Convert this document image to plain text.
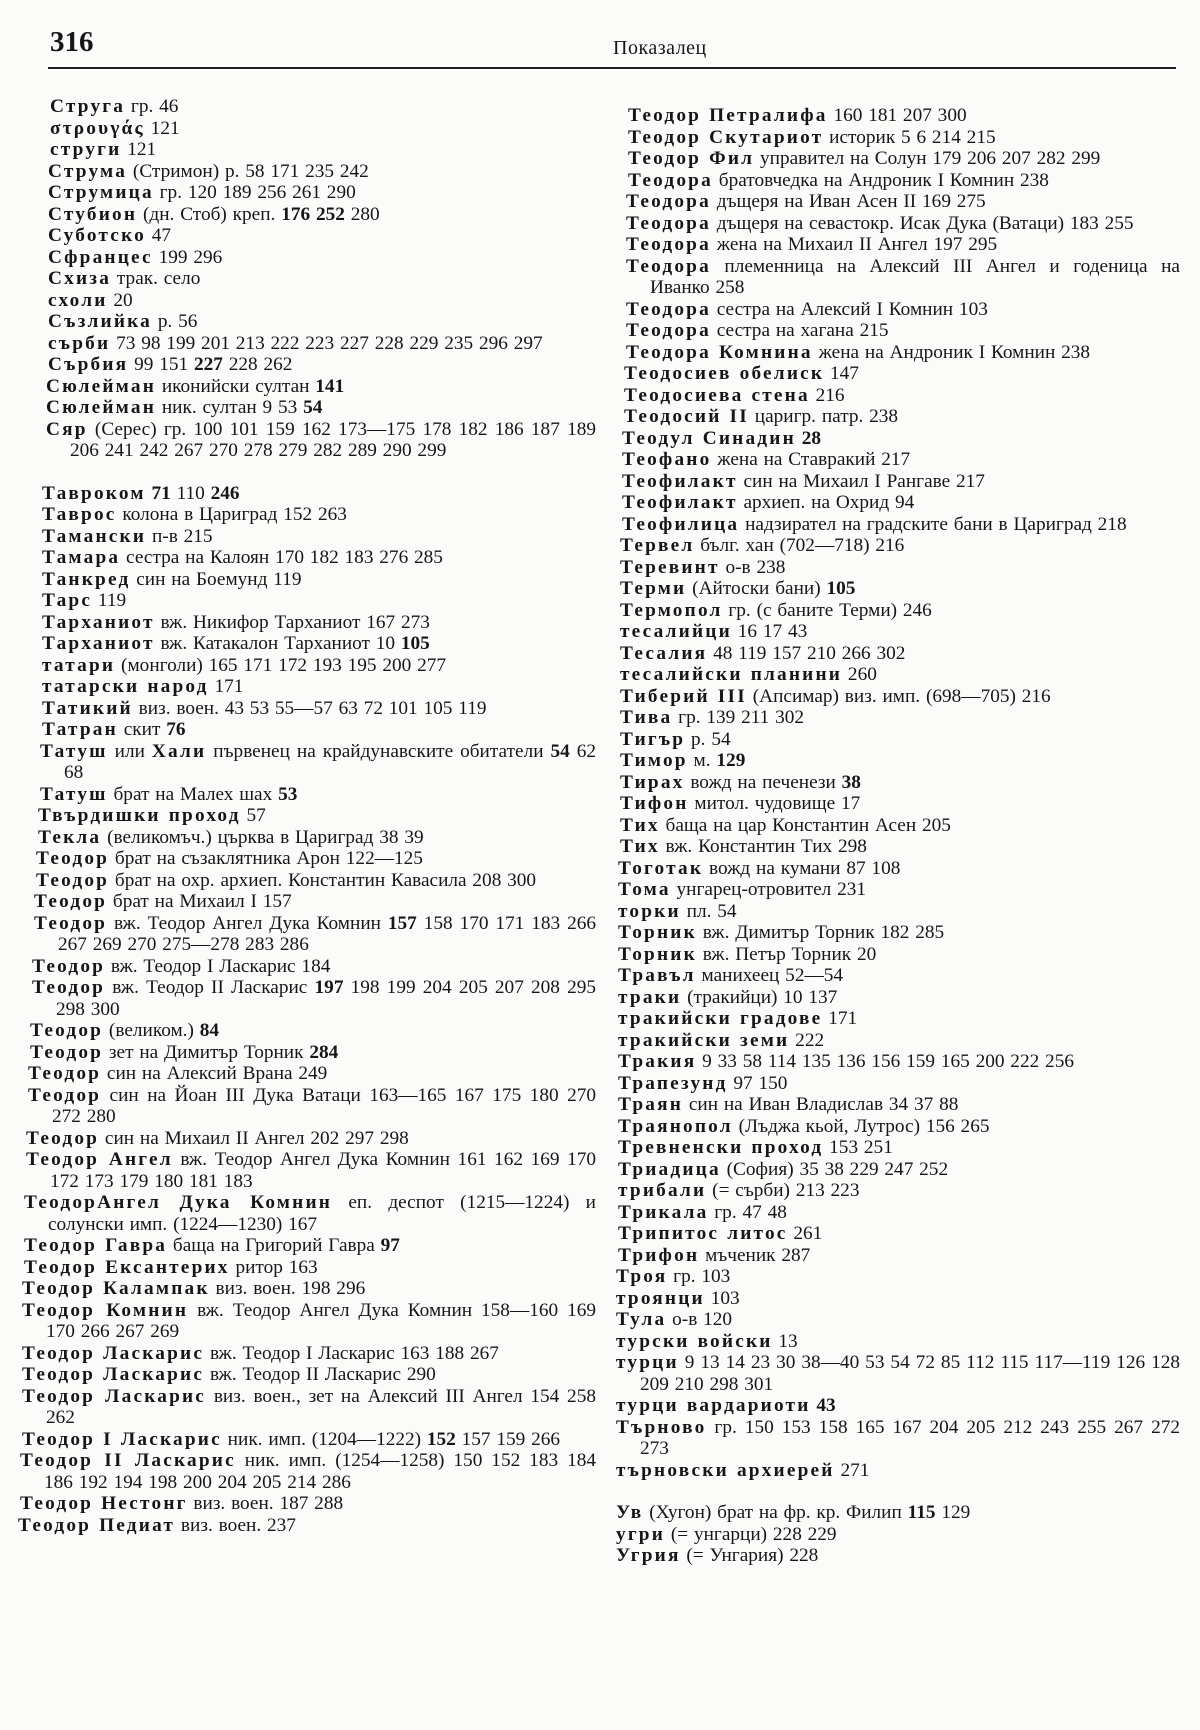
316	Показалец
Струга гр. 46
στρουγάς 121
струги 121
Струма (Стримон) р. 58 171 235 242
Струмица гр. 120 189 256 261 290
Стубион (дн. Стоб) креп. 176 252 280
Суботско 47
Сфранцес 199 296
Схиза трак. село
схоли 20
Съзлийка р. 56
сърби 73 98 199 201 213 222 223 227 228 229 235 296 297
Сърбия 99 151 227 228 262
Сюлейман иконийски султан 141
Сюлейман ник. султан 9 53 54
Сяр (Серес) гр. 100 101 159 162 173—175 178 182 186 187 189 206 241 242 267 270 278 279 282 289 290 299
Тавроком 71 110 246
Таврос колона в Цариград 152 263
Тамански п-в 215
Тамара сестра на Калоян 170 182 183 276 285
Танкред син на Боемунд 119
Тарс 119
Тарханиот вж. Никифор Тарханиот 167 273
Тарханиот вж. Катакалон Тарханиот 10 105
татари (монголи) 165 171 172 193 195 200 277
татарски народ 171
Татикий виз. воен. 43 53 55—57 63 72 101 105 119
Татран скит 76
Татуш или Хали първенец на крайдунавските обитатели 54 62 68
Татуш брат на Малех шах 53
Твърдишки проход 57
Текла (великомъч.) църква в Цариград 38 39
Теодор брат на съзаклятника Арон 122—125
Теодор брат на охр. архиеп. Константин Кавасила 208 300
Теодор брат на Михаил I 157
Теодор вж. Теодор Ангел Дука Комнин 157 158 170 171 183 266 267 269 270 275—278 283 286
Теодор вж. Теодор I Ласкарис 184
Теодор вж. Теодор II Ласкарис 197 198 199 204 205 207 208 295 298 300
Теодор (великом.) 84
Теодор зет на Димитър Торник 284
Теодор син на Алексий Врана 249
Теодор син на Йоан III Дука Ватаци 163—165 167 175 180 270 272 280
Теодор син на Михаил II Ангел 202 297 298
Теодор Ангел вж. Теодор Ангел Дука Комнин 161 162 169 170 172 173 179 180 181 183
ТеодорАнгел Дука Комнин еп. деспот (1215—1224) и солунски имп. (1224—1230) 167
Теодор Гавра баща на Григорий Гавра 97
Теодор Ексантерих ритор 163
Теодор Калампак виз. воен. 198 296
Теодор Комнин вж. Теодор Ангел Дука Комнин 158—160 169 170 266 267 269
Теодор Ласкарис вж. Теодор I Ласкарис 163 188 267
Теодор Ласкарис вж. Теодор II Ласкарис 290
Теодор Ласкарис виз. воен., зет на Алексий III Ангел 154 258 262
Теодор I Ласкарис ник. имп. (1204—1222) 152 157 159 266
Теодор II Ласкарис ник. имп. (1254—1258) 150 152 183 184 186 192 194 198 200 204 205 214 286
Теодор Нестонг виз. воен. 187 288
Теодор Педиат виз. воен. 237
Теодор Петралифа 160 181 207 300
Теодор Скутариот историк 5 6 214 215
Теодор Фил управител на Солун 179 206 207 282 299
Теодора братовчедка на Андроник I Комнин 238
Теодора дъщеря на Иван Асен II 169 275
Теодора дъщеря на севастокр. Исак Дука (Ватаци) 183 255
Теодора жена на Михаил II Ангел 197 295
Теодора племенница на Алексий III Ангел и годеница на Иванко 258
Теодора сестра на Алексий I Комнин 103
Теодора сестра на хагана 215
Теодора Комнина жена на Андроник I Комнин 238
Теодосиев обелиск 147
Теодосиева стена 216
Теодосий II царигр. патр. 238
Теодул Синадин 28
Теофано жена на Ставракий 217
Теофилакт син на Михаил I Рангаве 217
Теофилакт архиеп. на Охрид 94
Теофилица надзирател на градските бани в Цариград 218
Тервел бълг. хан (702—718) 216
Теревинт о-в 238
Терми (Айтоски бани) 105
Термопол гр. (с баните Терми) 246
тесалийци 16 17 43
Тесалия 48 119 157 210 266 302
тесалийски планини 260
Тиберий III (Апсимар) виз. имп. (698—705) 216
Тива гр. 139 211 302
Тигър р. 54
Тимор м. 129
Тирах вожд на печенези 38
Тифон митол. чудовище 17
Тих баща на цар Константин Асен 205
Тих вж. Константин Тих 298
Тоготак вожд на кумани 87 108
Тома унгарец-отровител 231
торки пл. 54
Торник вж. Димитър Торник 182 285
Торник вж. Петър Торник 20
Травъл манихеец 52—54
траки (тракийци) 10 137
тракийски градове 171
тракийски земи 222
Тракия 9 33 58 114 135 136 156 159 165 200 222 256
Трапезунд 97 150
Траян син на Иван Владислав 34 37 88
Траянопол (Лъджа кьой, Лутрос) 156 265
Тревненски проход 153 251
Триадица (София) 35 38 229 247 252
трибали (= сърби) 213 223
Трикала гр. 47 48
Трипитос литос 261
Трифон мъченик 287
Троя гр. 103
троянци 103
Тула о-в 120
турски войски 13
турци 9 13 14 23 30 38—40 53 54 72 85 112 115 117—119 126 128 209 210 298 301
турци вардариоти 43
Търново гр. 150 153 158 165 167 204 205 212 243 255 267 272 273
търновски архиерей 271
Ув (Хугон) брат на фр. кр. Филип 115 129
угри (= унгарци) 228 229
Угрия (= Унгария) 228
